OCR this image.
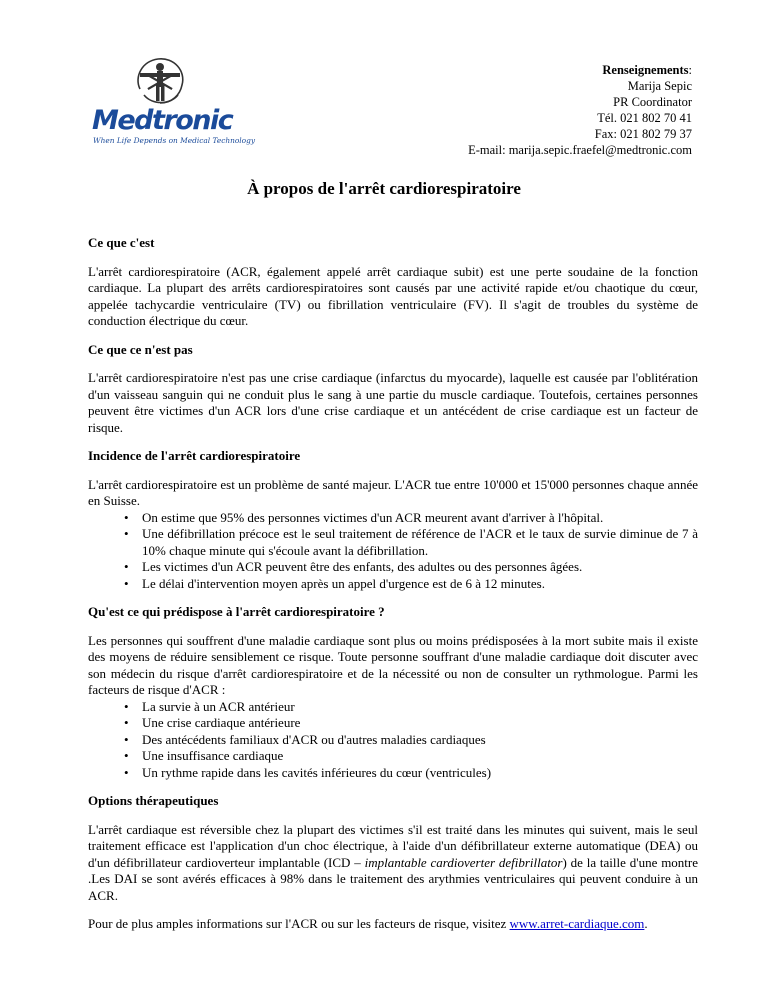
Medtronic
When Life Depends on Medical Technology
Renseignements:
Marija Sepic
PR Coordinator
Tél. 021 802 70 41
Fax: 021 802 79 37
E-mail: marija.sepic.fraefel@medtronic.com
À propos de l'arrêt cardiorespiratoire
Ce que c'est

L'arrêt cardiorespiratoire (ACR, également appelé arrêt cardiaque subit) est une perte soudaine de la fonction cardiaque. La plupart des arrêts cardiorespiratoires sont causés par une activité rapide et/ou chaotique du cœur, appelée tachycardie ventriculaire (TV) ou fibrillation ventriculaire (FV). Il s'agit de troubles du système de conduction électrique du cœur.

Ce que ce n'est pas

L'arrêt cardiorespiratoire n'est pas une crise cardiaque (infarctus du myocarde), laquelle est causée par l'oblitération d'un vaisseau sanguin qui ne conduit plus le sang à une partie du muscle cardiaque. Toutefois, certaines personnes peuvent être victimes d'un ACR lors d'une crise cardiaque et un antécédent de crise cardiaque est un facteur de risque.

Incidence de l'arrêt cardiorespiratoire

L'arrêt cardiorespiratoire est un problème de santé majeur. L'ACR tue entre 10'000 et 15'000 personnes chaque année en Suisse.

• On estime que 95% des personnes victimes d'un ACR meurent avant d'arriver à l'hôpital.
• Une défibrillation précoce est le seul traitement de référence de l'ACR et le taux de survie diminue de 7 à 10% chaque minute qui s'écoule avant la défibrillation.
• Les victimes d'un ACR peuvent être des enfants, des adultes ou des personnes âgées.
• Le délai d'intervention moyen après un appel d'urgence est de 6 à 12 minutes.
Qu'est ce qui prédispose à l'arrêt cardiorespiratoire ?

Les personnes qui souffrent d'une maladie cardiaque sont plus ou moins prédisposées à la mort subite mais il existe des moyens de réduire sensiblement ce risque. Toute personne souffrant d'une maladie cardiaque doit discuter avec son médecin du risque d'arrêt cardiorespiratoire et de la nécessité ou non de consulter un rythmologue. Parmi les facteurs de risque d'ACR :

• La survie à un ACR antérieur
• Une crise cardiaque antérieure
• Des antécédents familiaux d'ACR ou d'autres maladies cardiaques
• Une insuffisance cardiaque
• Un rythme rapide dans les cavités inférieures du cœur (ventricules)
Options thérapeutiques

L'arrêt cardiaque est réversible chez la plupart des victimes s'il est traité dans les minutes qui suivent, mais le seul traitement efficace est l'application d'un choc électrique, à l'aide d'un défibrillateur externe automatique (DEA) ou d'un défibrillateur cardioverteur implantable (ICD – implantable cardioverter defibrillator) de la taille d'une montre .Les DAI se sont avérés efficaces à 98% dans le traitement des arythmies ventriculaires qui peuvent conduire à un ACR.

Pour de plus amples informations sur l'ACR ou sur les facteurs de risque, visitez www.arret-cardiaque.com.
